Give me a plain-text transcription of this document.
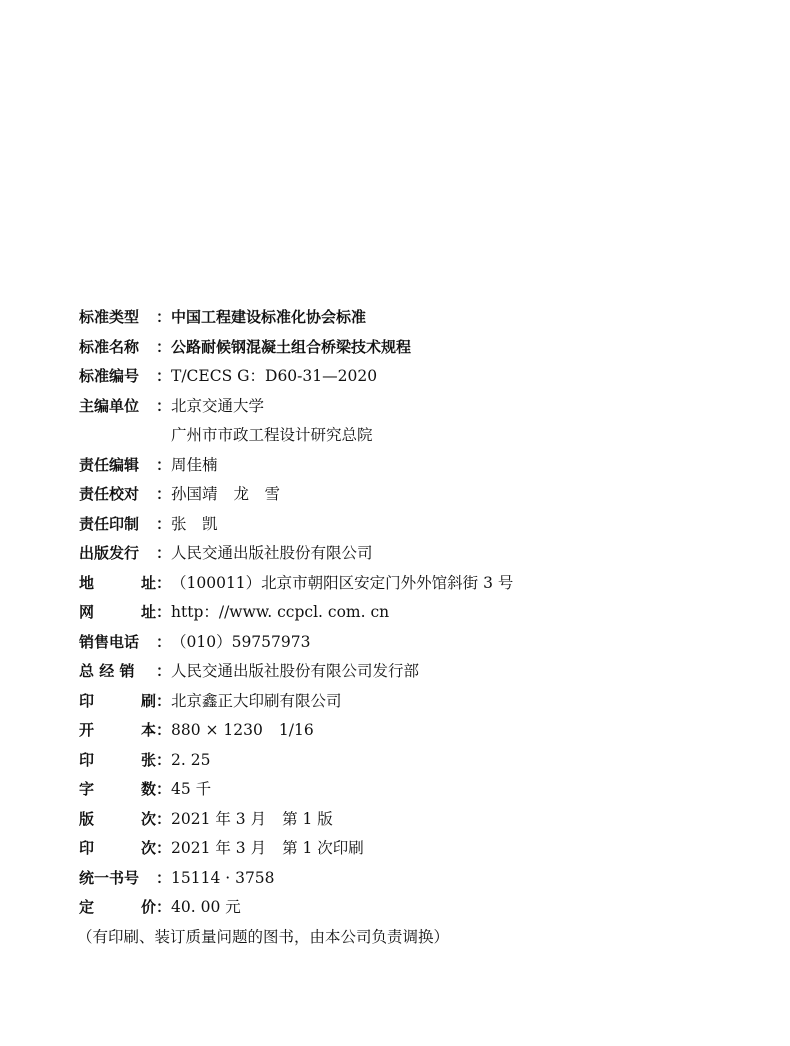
标准类型 ： 中国工程建设标准化协会标准
标准名称 ： 公路耐候钢混凝土组合桥梁技术规程
标准编号 ： T/CECS G：D60-31—2020
主编单位 ： 北京交通大学
广州市市政工程设计研究总院
责任编辑 ： 周佳楠
责任校对 ： 孙国靖 龙　雪
责任印制 ： 张　凯
出版发行 ： 人民交通出版社股份有限公司
地	址： （100011）北京市朝阳区安定门外外馆斜街 3 号
网	址： http：//www. ccpcl. com. cn
销售电话 ： （010）59757973
总 经 销 ： 人民交通出版社股份有限公司发行部
印	刷： 北京鑫正大印刷有限公司
开	本： 880 × 1230 1/16
印	张： 2. 25
字	数： 45 千
版	次： 2021 年 3 月 第 1 版
印	次： 2021 年 3 月 第 1 次印刷
统一书号 ： 15114 · 3758
定	价： 40. 00 元
（有印刷、装订质量问题的图书，由本公司负责调换）
